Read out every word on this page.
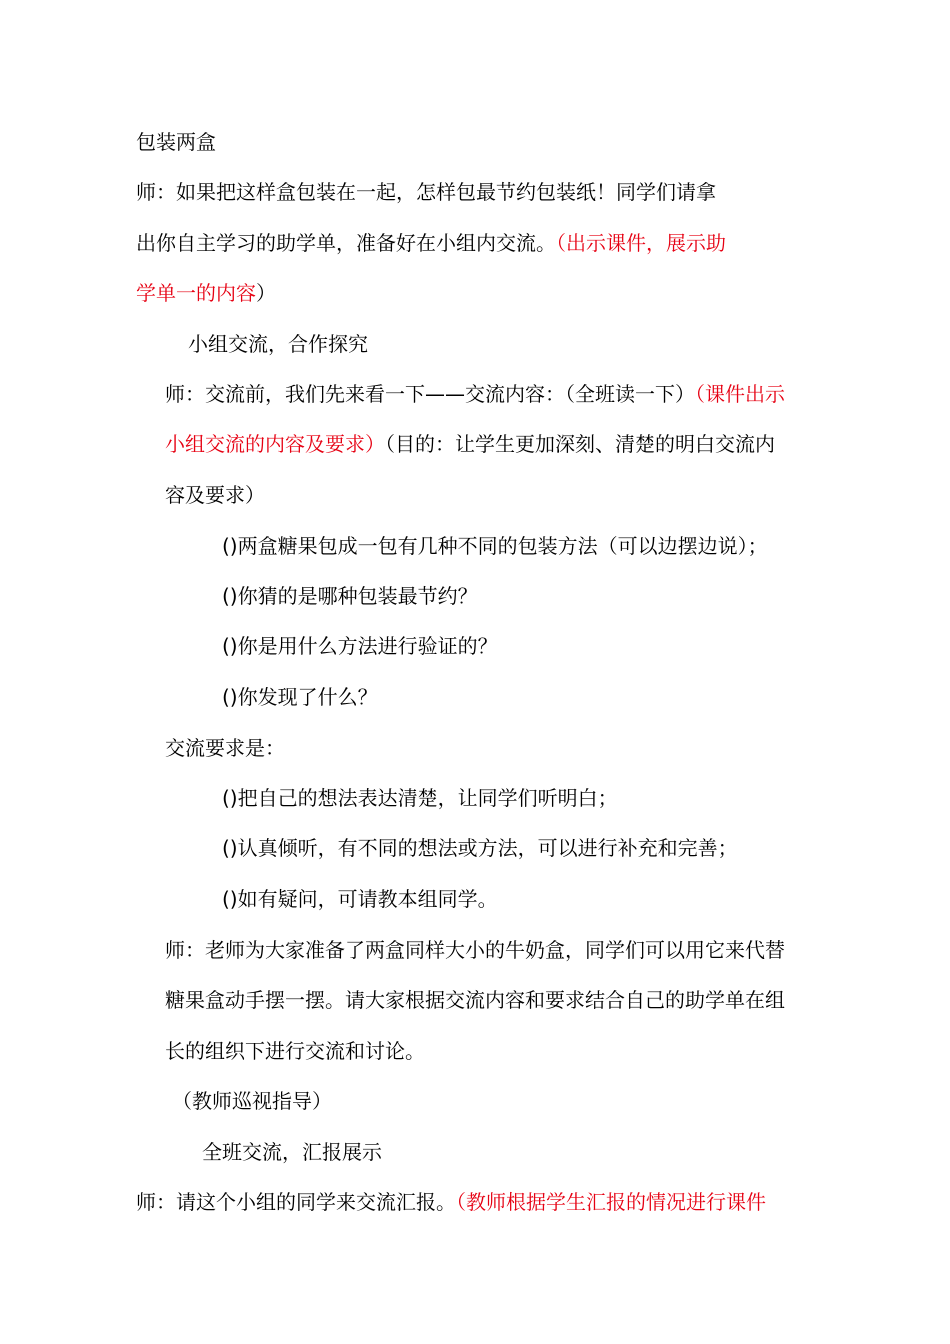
包装两盒
师：如果把这样盒包装在一起，怎样包最节约包装纸！同学们请拿
出你自主学习的助学单，准备好在小组内交流。（出示课件，展示助
学单一的内容）
小组交流，合作探究
师：交流前，我们先来看一下——交流内容：（全班读一下）（课件出示
小组交流的内容及要求）（目的：让学生更加深刻、清楚的明白交流内
容及要求）
()两盒糖果包成一包有几种不同的包装方法（可以边摆边说）；
()你猜的是哪种包装最节约？
()你是用什么方法进行验证的？
()你发现了什么？
交流要求是：
()把自己的想法表达清楚，让同学们听明白；
()认真倾听，有不同的想法或方法，可以进行补充和完善；
()如有疑问，可请教本组同学。
师：老师为大家准备了两盒同样大小的牛奶盒，同学们可以用它来代替
糖果盒动手摆一摆。请大家根据交流内容和要求结合自己的助学单在组
长的组织下进行交流和讨论。
（教师巡视指导）
全班交流，汇报展示
师：请这个小组的同学来交流汇报。（教师根据学生汇报的情况进行课件
